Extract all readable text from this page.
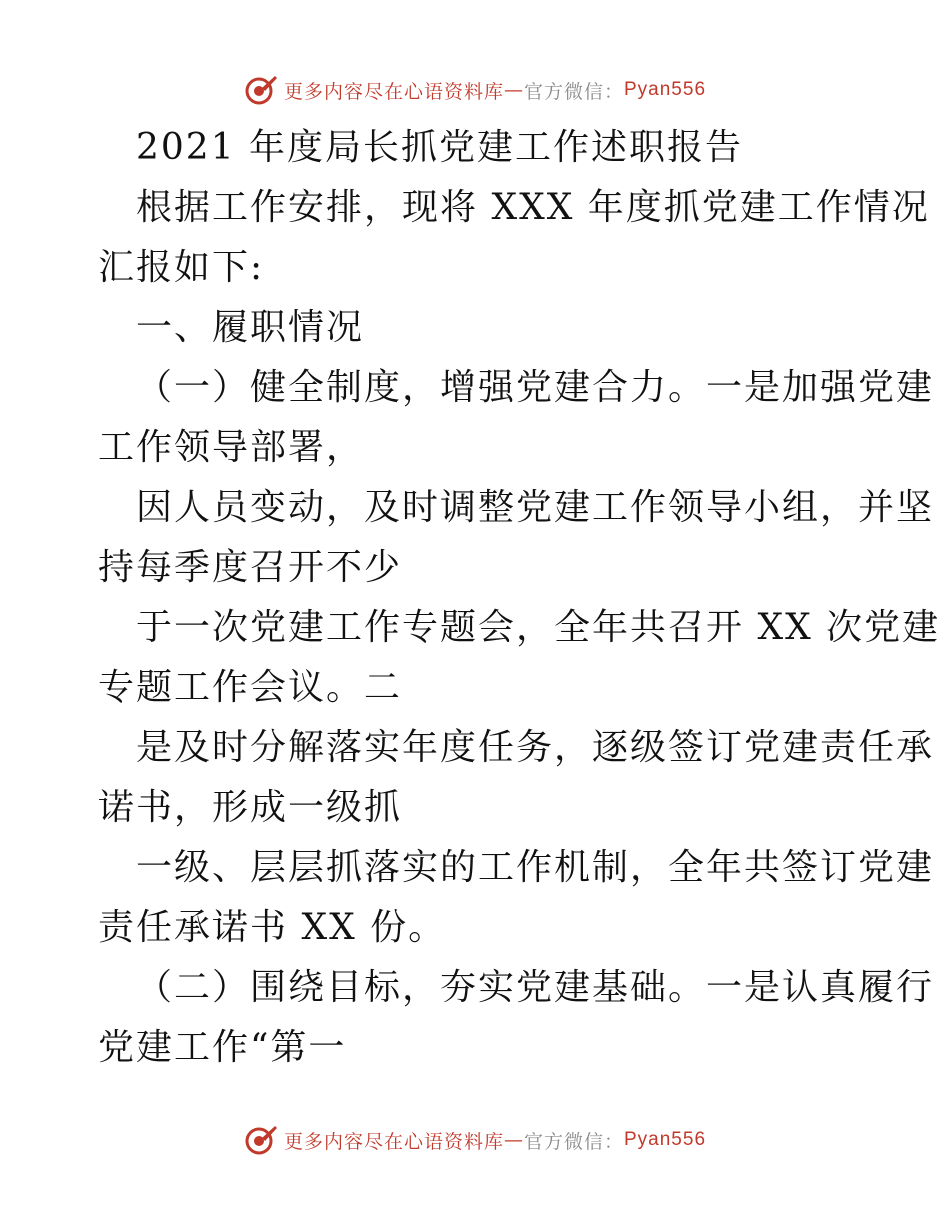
更多内容尽在心语资料库 — 官方微信： Pyan556

2021 年度局长抓党建工作述职报告

根据工作安排，现将 XXX 年度抓党建工作情况

汇报如下:

一、履职情况

（一）健全制度，增强党建合力。一是加强党建

工作领导部署，

因人员变动，及时调整党建工作领导小组，并坚

持每季度召开不少

于一次党建工作专题会，全年共召开 XX 次党建

专题工作会议。二

是及时分解落实年度任务，逐级签订党建责任承

诺书，形成一级抓

一级、层层抓落实的工作机制，全年共签订党建

责任承诺书 XX 份。

（二）围绕目标，夯实党建基础。一是认真履行

党建工作“第一

更多内容尽在心语资料库 — 官方微信： Pyan556
